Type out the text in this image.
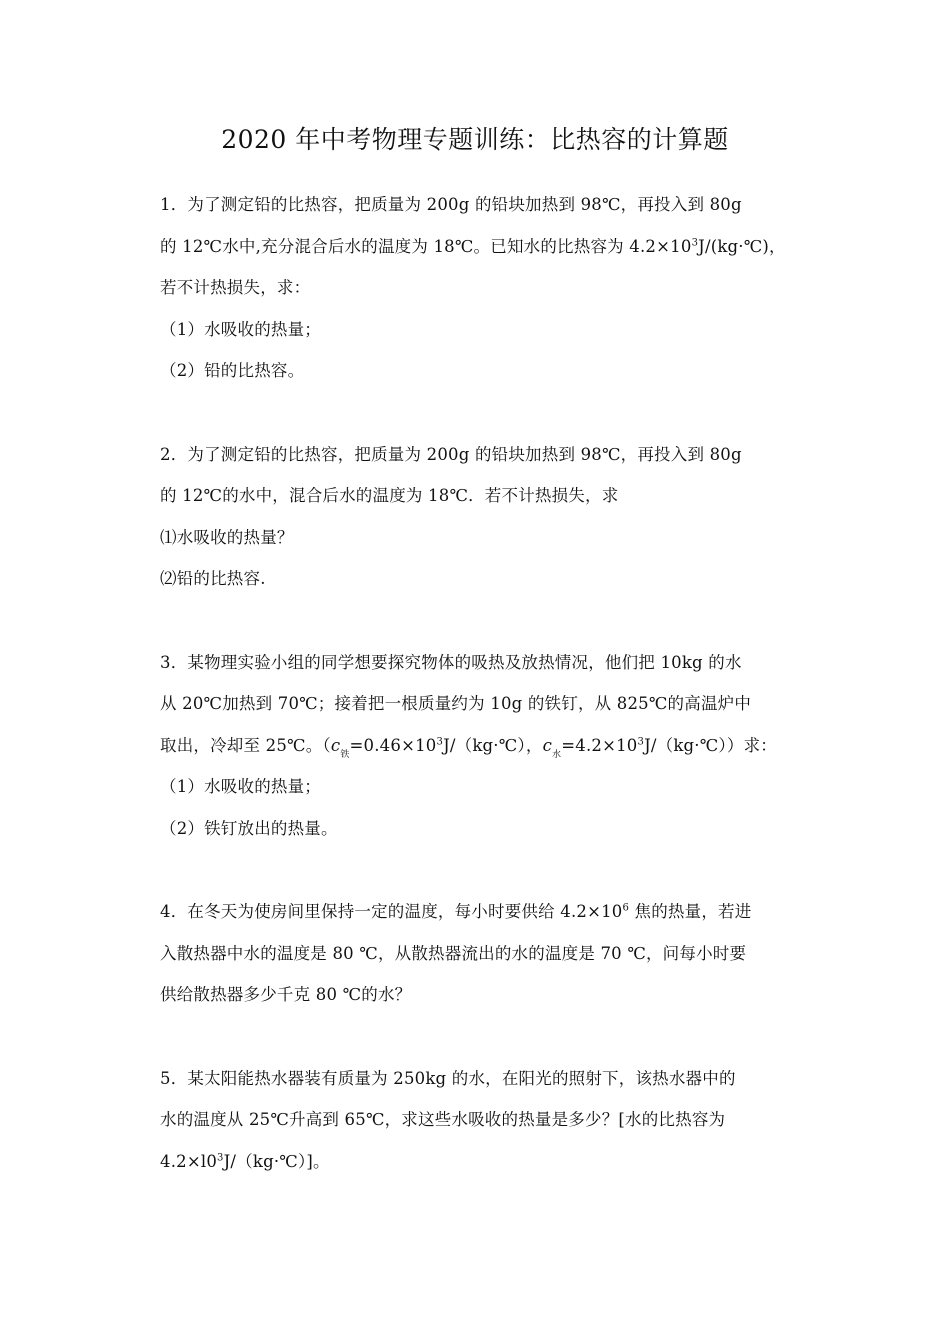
2020 年中考物理专题训练：比热容的计算题
1．为了测定铅的比热容，把质量为 200g 的铅块加热到 98℃，再投入到 80g
的 12℃水中,充分混合后水的温度为 18℃。已知水的比热容为 $4.2\times 10^3J/(kg\cdot℃)$，
若不计热损失，求：
（1）水吸收的热量；
（2）铅的比热容。
2．为了测定铅的比热容，把质量为 200g 的铅块加热到 98℃，再投入到 80g
的 12℃的水中，混合后水的温度为 18℃．若不计热损失，求
⑴水吸收的热量？
⑵铅的比热容.
3．某物理实验小组的同学想要探究物体的吸热及放热情况，他们把 10kg 的水
从 20℃加热到 70℃；接着把一根质量约为 10g 的铁钉，从 825℃的高温炉中
取出，冷却至 25℃。（$c_铁=0.46\times 10^3J/(kg\cdot℃)$，$c_水=4.2\times 10^3J/(kg\cdot℃)$）求：
（1）水吸收的热量；
（2）铁钉放出的热量。
4．在冬天为使房间里保持一定的温度，每小时要供给 $4.2\times 10^6$ 焦的热量，若进
入散热器中水的温度是 80 ℃，从散热器流出的水的温度是 70 ℃，问每小时要
供给散热器多少千克 80 ℃的水？
5．某太阳能热水器装有质量为 250kg 的水，在阳光的照射下，该热水器中的
水的温度从 25℃升高到 65℃，求这些水吸收的热量是多少？[水的比热容为
$4.2\times l0^3J/(kg\cdot℃)$]。
